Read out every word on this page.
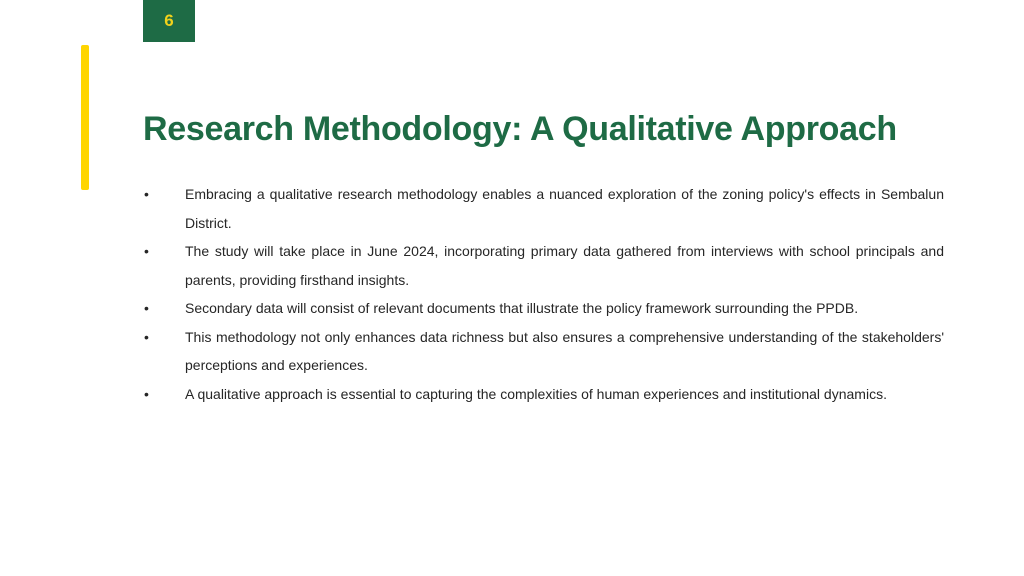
6
Research Methodology: A Qualitative Approach
•	Embracing a qualitative research methodology enables a nuanced exploration of the zoning policy's effects in Sembalun District.
•	The study will take place in June 2024, incorporating primary data gathered from interviews with school principals and parents, providing firsthand insights.
•	Secondary data will consist of relevant documents that illustrate the policy framework surrounding the PPDB.
•	This methodology not only enhances data richness but also ensures a comprehensive understanding of the stakeholders' perceptions and experiences.
•	A qualitative approach is essential to capturing the complexities of human experiences and institutional dynamics.
